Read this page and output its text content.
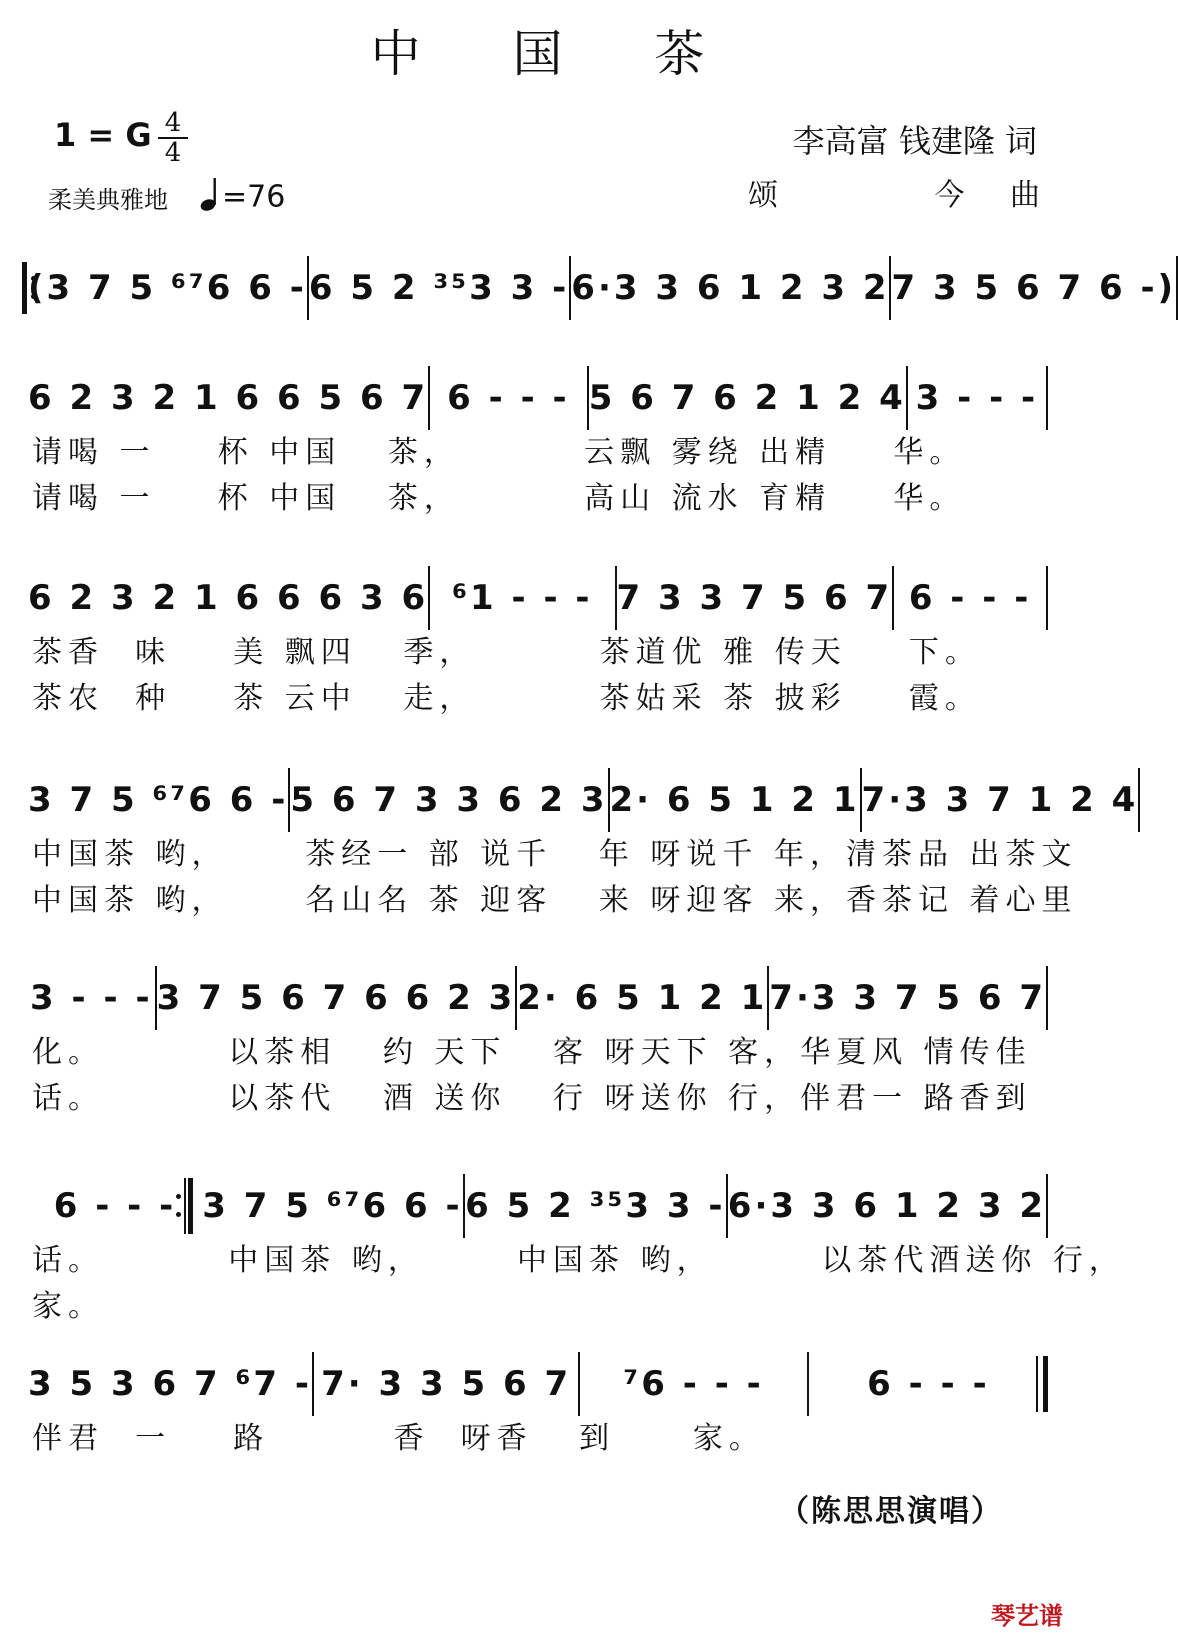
中 国 茶
1 = G 4
4
柔美典雅地	=76
李高富 钱建隆 词
颂	今 曲
(3 7 5 ⁶⁷6 6 - 6 5 2 ³⁵3 3 - 6·3 3 6 1 2 3 2 7 3 5 6 7 6 -)
6 2 3 2 1 6 6 5 6 7 6 - - - 5 6 7 6 2 1 2 4 3 - - -
请喝 一    杯 中国   茶，        云飘 雾绕 出精    华。
请喝 一    杯 中国   茶，        高山 流水 育精    华。
6 2 3 2 1 6 6 6 3 6 ⁶1 - - - 7 3 3 7 5 6 7 6 - - -
茶香  味    美 飘四   季，        茶道优 雅 传天    下。
茶农  种    茶 云中   走，        茶姑采 茶 披彩    霞。
3 7 5 ⁶⁷6 6 - 5 6 7 3 3 6 2 3 2· 6 5 1 2 1 7·3 3 7 1 2 4
中国茶 哟，     茶经一 部 说千   年 呀说千 年，清茶品 出茶文
中国茶 哟，     名山名 茶 迎客   来 呀迎客 来，香茶记 着心里
3 - - - 3 7 5 6 7 6 6 2 3 2· 6 5 1 2 1 7·3 3 7 5 6 7
化。        以茶相   约 天下   客 呀天下 客，华夏风 情传佳
话。        以茶代   酒 送你   行 呀送你 行，伴君一 路香到
6 - - - 3 7 5 ⁶⁷6 6 - 6 5 2 ³⁵3 3 - 6·3 3 6 1 2 3 2
话。        中国茶 哟，      中国茶 哟，       以茶代酒送你 行，
家。
3 5 3 6 7 ⁶7 - 7· 3 3 5 6 7 ⁷6 - - -	6 - - -
伴君  一    路        香  呀香   到     家。
（陈思思演唱）
琴艺谱
